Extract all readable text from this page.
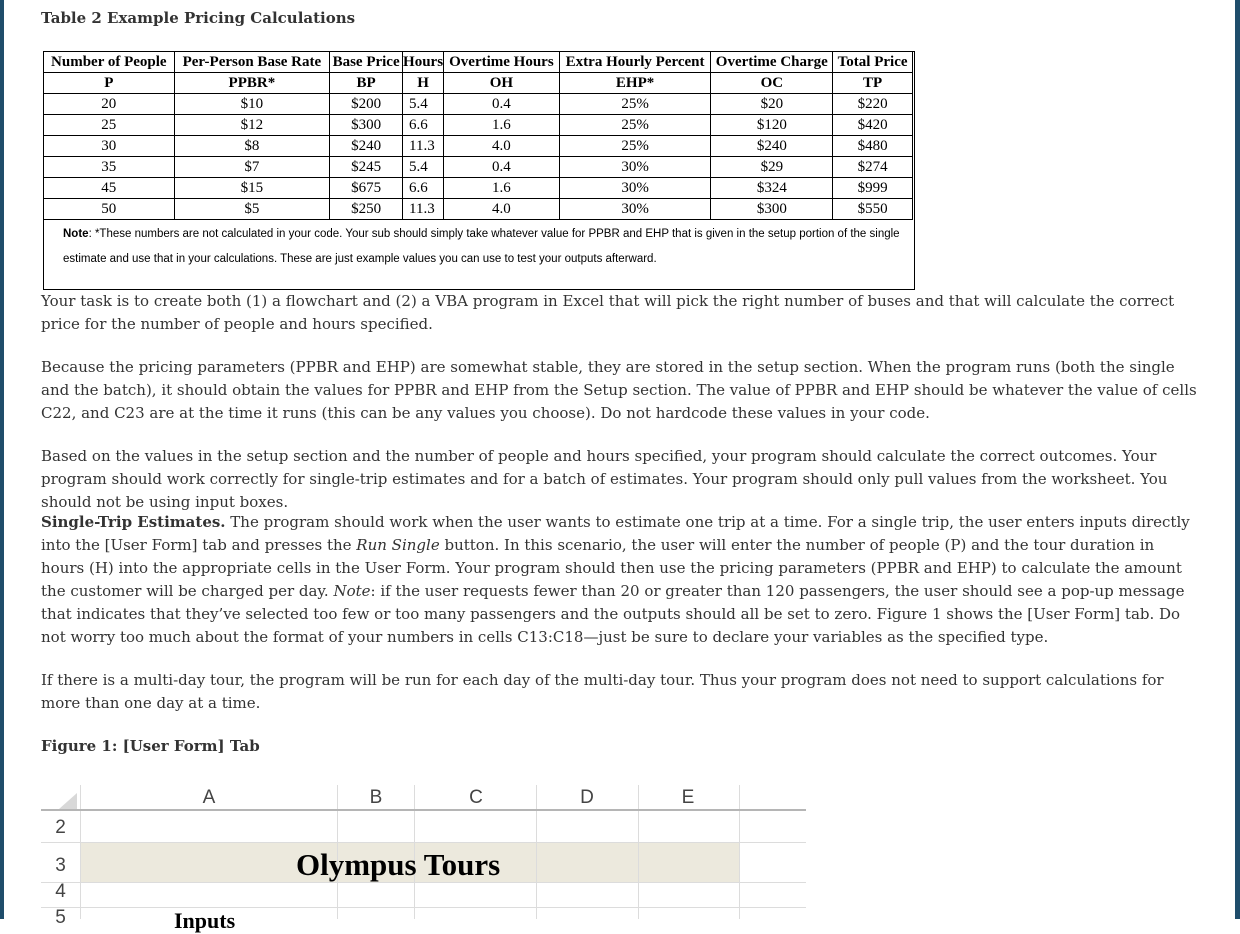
Table 2 Example Pricing Calculations
Number of People	Per-Person Base Rate	Base Price	Hours	Overtime Hours	Extra Hourly Percent	Overtime Charge	Total Price
P	PPBR*	BP	H	OH	EHP*	OC	TP
20	$10	$200	5.4	0.4	25%	$20	$220
25	$12	$300	6.6	1.6	25%	$120	$420
30	$8	$240	11.3	4.0	25%	$240	$480
35	$7	$245	5.4	0.4	30%	$29	$274
45	$15	$675	6.6	1.6	30%	$324	$999
50	$5	$250	11.3	4.0	30%	$300	$550
Note: *These numbers are not calculated in your code. Your sub should simply take whatever value for PPBR and EHP that is given in the setup portion of the single estimate and use that in your calculations. These are just example values you can use to test your outputs afterward.

Your task is to create both (1) a flowchart and (2) a VBA program in Excel that will pick the right number of buses and that will calculate the correct price for the number of people and hours specified.

Because the pricing parameters (PPBR and EHP) are somewhat stable, they are stored in the setup section. When the program runs (both the single and the batch), it should obtain the values for PPBR and EHP from the Setup section. The value of PPBR and EHP should be whatever the value of cells C22, and C23 are at the time it runs (this can be any values you choose). Do not hardcode these values in your code.

Based on the values in the setup section and the number of people and hours specified, your program should calculate the correct outcomes. Your program should work correctly for single-trip estimates and for a batch of estimates. Your program should only pull values from the worksheet. You should not be using input boxes.

Single-Trip Estimates. The program should work when the user wants to estimate one trip at a time. For a single trip, the user enters inputs directly into the [User Form] tab and presses the Run Single button. In this scenario, the user will enter the number of people (P) and the tour duration in hours (H) into the appropriate cells in the User Form. Your program should then use the pricing parameters (PPBR and EHP) to calculate the amount the customer will be charged per day. Note: if the user requests fewer than 20 or greater than 120 passengers, the user should see a pop-up message that indicates that they’ve selected too few or too many passengers and the outputs should all be set to zero. Figure 1 shows the [User Form] tab. Do not worry too much about the format of your numbers in cells C13:C18—just be sure to declare your variables as the specified type.

If there is a multi-day tour, the program will be run for each day of the multi-day tour. Thus your program does not need to support calculations for more than one day at a time.

Figure 1: [User Form] Tab
A	B	C	D	E
2
3
4
5
Olympus Tours
Inputs
